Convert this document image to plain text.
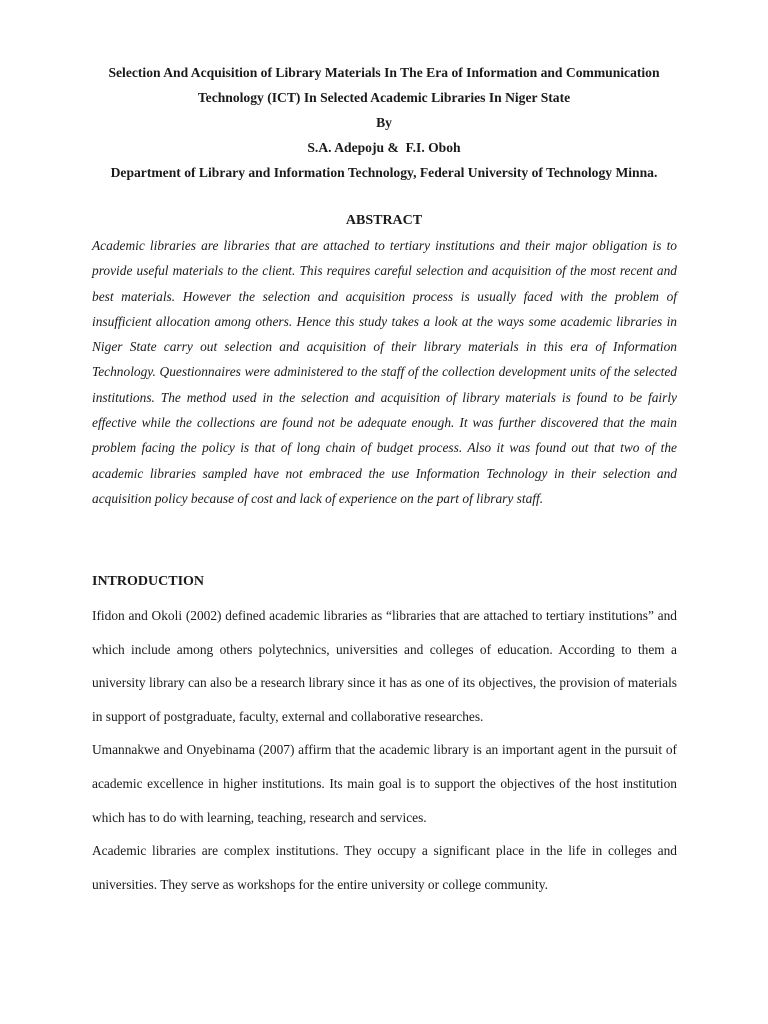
Selection And Acquisition of Library Materials In The Era of Information and Communication
Technology (ICT) In Selected Academic Libraries In Niger State
By
S.A. Adepoju &  F.I. Oboh
Department of Library and Information Technology, Federal University of Technology Minna.
ABSTRACT
Academic libraries are libraries that are attached to tertiary institutions and their major obligation is to provide useful materials to the client. This requires careful selection and acquisition of the most recent and best materials. However the selection and acquisition process is usually faced with the problem of insufficient allocation among others. Hence this study takes a look at the ways some academic libraries in Niger State carry out selection and acquisition of their library materials in this era of Information Technology. Questionnaires were administered to the staff of the collection development units of the selected institutions. The method used in the selection and acquisition of library materials is found to be fairly effective while the collections are found not be adequate enough. It was further discovered that the main problem facing the policy is that of long chain of budget process. Also it was found out that two of the academic libraries sampled have not embraced the use Information Technology in their selection and acquisition policy because of cost and lack of experience on the part of library staff.
INTRODUCTION

Ifidon and Okoli (2002) defined academic libraries as “libraries that are attached to tertiary institutions” and which include among others polytechnics, universities and colleges of education. According to them a university library can also be a research library since it has as one of its objectives, the provision of materials in support of postgraduate, faculty, external and collaborative researches.

Umannakwe and Onyebinama (2007) affirm that the academic library is an important agent in the pursuit of academic excellence in higher institutions. Its main goal is to support the objectives of the host institution which has to do with learning, teaching, research and services.

Academic libraries are complex institutions. They occupy a significant place in the life in colleges and universities. They serve as workshops for the entire university or college community.
